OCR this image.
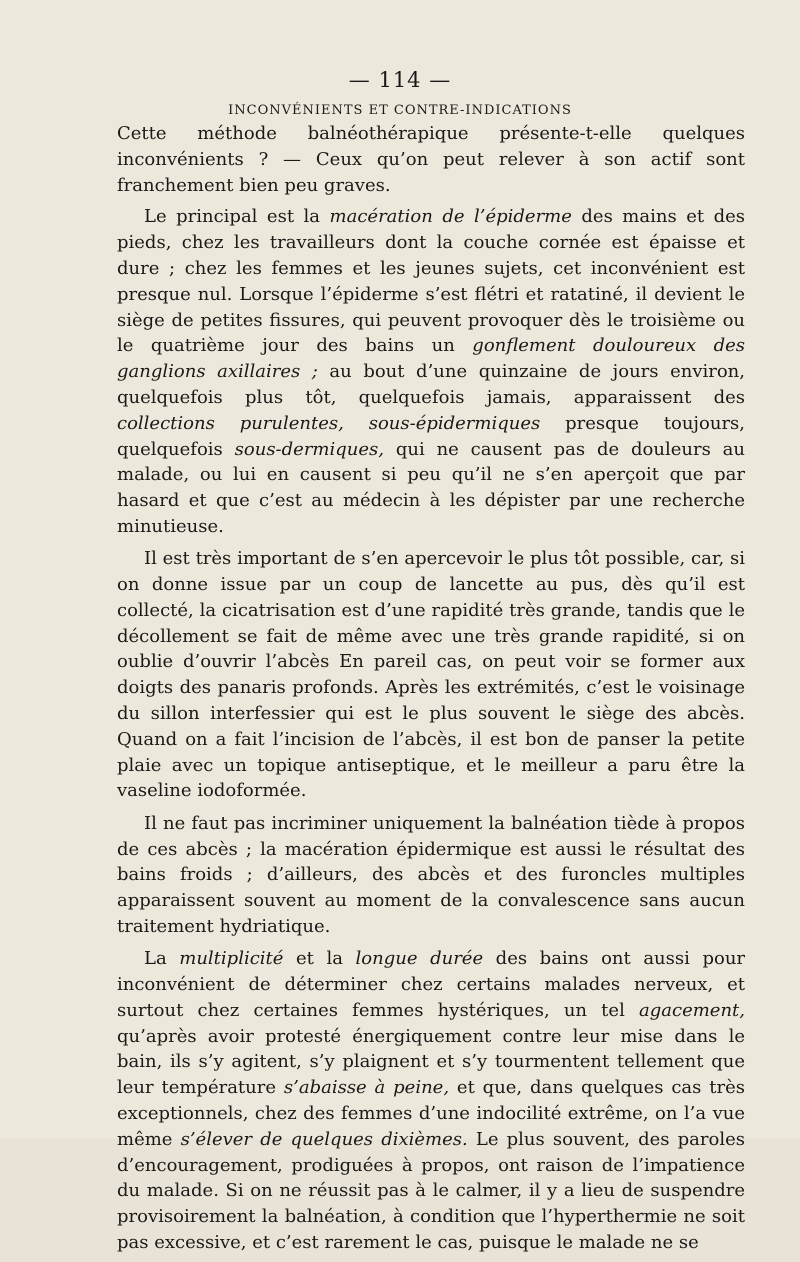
— 114 —
INCONVÉNIENTS ET CONTRE-INDICATIONS

Cette méthode balnéothérapique présente-t-elle quelques inconvénients ? — Ceux qu’on peut relever à son actif sont franchement bien peu graves.

Le principal est la macération de l’épiderme des mains et des pieds, chez les travailleurs dont la couche cornée est épaisse et dure ; chez les femmes et les jeunes sujets, cet inconvénient est presque nul. Lorsque l’épiderme s’est flétri et ratatiné, il devient le siège de petites fissures, qui peuvent provoquer dès le troisième ou le quatrième jour des bains un gonflement douloureux des ganglions axillaires ; au bout d’une quinzaine de jours environ, quelquefois plus tôt, quelquefois jamais, apparaissent des collections purulentes, sous-épidermiques presque toujours, quelquefois sous-dermiques, qui ne causent pas de douleurs au malade, ou lui en causent si peu qu’il ne s’en aperçoit que par hasard et que c’est au médecin à les dépister par une recherche minutieuse.

Il est très important de s’en apercevoir le plus tôt possible, car, si on donne issue par un coup de lancette au pus, dès qu’il est collecté, la cicatrisation est d’une rapidité très grande, tandis que le décollement se fait de même avec une très grande rapidité, si on oublie d’ouvrir l’abcès En pareil cas, on peut voir se former aux doigts des panaris profonds. Après les extrémités, c’est le voisinage du sillon interfessier qui est le plus souvent le siège des abcès. Quand on a fait l’incision de l’abcès, il est bon de panser la petite plaie avec un topique antiseptique, et le meilleur a paru être la vaseline iodoformée.

Il ne faut pas incriminer uniquement la balnéation tiède à propos de ces abcès ; la macération épidermique est aussi le résultat des bains froids ; d’ailleurs, des abcès et des furoncles multiples apparaissent souvent au moment de la convalescence sans aucun traitement hydriatique.

La multiplicité et la longue durée des bains ont aussi pour inconvénient de déterminer chez certains malades nerveux, et surtout chez certaines femmes hystériques, un tel agacement, qu’après avoir protesté énergiquement contre leur mise dans le bain, ils s’y agitent, s’y plaignent et s’y tourmentent tellement que leur température s’abaisse à peine, et que, dans quelques cas très exceptionnels, chez des femmes d’une indocilité extrême, on l’a vue même s’élever de quelques dixièmes. Le plus souvent, des paroles d’encouragement, prodiguées à propos, ont raison de l’impatience du malade. Si on ne réussit pas à le calmer, il y a lieu de suspendre provisoirement la balnéation, à condition que l’hyperthermie ne soit pas excessive, et c’est rarement le cas, puisque le malade ne se
